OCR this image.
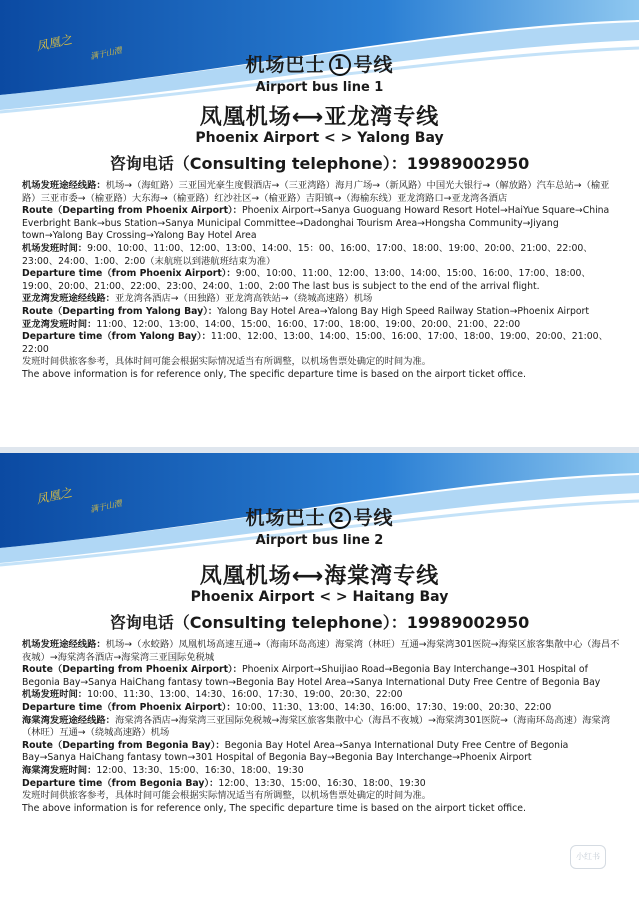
凤凰之 满于山澧
机场巴士 1 号线
Airport bus line 1
凤凰机场⟷亚龙湾专线
Phoenix Airport < > Yalong Bay
咨询电话（Consulting telephone）：19989002950

机场发班途经线路：机场→（海虹路）三亚国光豪生度假酒店→（三亚湾路）海月广场→（新风路）中国光大银行→（解放路）汽车总站→（榆亚路）三亚市委→（榆亚路）大东海→（榆亚路）红沙社区→（榆亚路）吉阳镇→（海榆东线）亚龙湾路口→亚龙湾各酒店

Route（Departing from Phoenix Airport）：Phoenix Airport→Sanya Guoguang Howard Resort Hotel→HaiYue Square→China Everbright Bank→bus Station→Sanya Municipal Committee→Dadonghai Tourism Area→Hongsha Community→Jiyang town→Yalong Bay Crossing→Yalong Bay Hotel Area

机场发班时间：9:00、10:00、11:00、12:00、13:00、14:00、15：00、16:00、17:00、18:00、19:00、20:00、21:00、22:00、23:00、24:00、1:00、2:00（末航班以到港航班结束为准）

Departure time（from Phoenix Airport）：9:00、10:00、11:00、12:00、13:00、14:00、15:00、16:00、17:00、18:00、19:00、20:00、21:00、22:00、23:00、24:00、1:00、2:00 The last bus is subject to the end of the arrival flight.

亚龙湾发班途经线路：亚龙湾各酒店→（田独路）亚龙湾高铁站→（绕城高速路）机场

Route（Departing from Yalong Bay）：Yalong Bay Hotel Area→Yalong Bay High Speed Railway Station→Phoenix Airport

亚龙湾发班时间：11:00、12:00、13:00、14:00、15:00、16:00、17:00、18:00、19:00、20:00、21:00、22:00

Departure time（from Yalong Bay）：11:00、12:00、13:00、14:00、15:00、16:00、17:00、18:00、19:00、20:00、21:00、22:00

发班时间供旅客参考，具体时间可能会根据实际情况适当有所调整，以机场售票处确定的时间为准。

The above information is for reference only, The specific departure time is based on the airport ticket office.

凤凰之 满于山澧
机场巴士 2 号线
Airport bus line 2
凤凰机场⟷海棠湾专线
Phoenix Airport < > Haitang Bay
咨询电话（Consulting telephone）：19989002950

机场发班途经线路：机场→（水蛟路）凤凰机场高速互通→（海南环岛高速）海棠湾（林旺）互通→海棠湾301医院→海棠区旅客集散中心（海昌不夜城）→海棠湾各酒店→海棠湾三亚国际免税城

Route（Departing from Phoenix Airport）：Phoenix Airport→Shuijiao Road→Begonia Bay Interchange→301 Hospital of Begonia Bay→Sanya HaiChang fantasy town→Begonia Bay Hotel Area→Sanya International Duty Free Centre of Begonia Bay

机场发班时间：10:00、11:30、13:00、14:30、16:00、17:30、19:00、20:30、22:00

Departure time（from Phoenix Airport）：10:00、11:30、13:00、14:30、16:00、17:30、19:00、20:30、22:00

海棠湾发班途经线路：海棠湾各酒店→海棠湾三亚国际免税城→海棠区旅客集散中心（海昌不夜城）→海棠湾301医院→（海南环岛高速）海棠湾（林旺）互通→（绕城高速路）机场

Route（Departing from Begonia Bay）：Begonia Bay Hotel Area→Sanya International Duty Free Centre of Begonia Bay→Sanya HaiChang fantasy town→301 Hospital of Begonia Bay→Begonia Bay Interchange→Phoenix Airport

海棠湾发班时间：12:00、13:30、15:00、16:30、18:00、19:30

Departure time（from Begonia Bay）：12:00、13:30、15:00、16:30、18:00、19:30

发班时间供旅客参考，具体时间可能会根据实际情况适当有所调整，以机场售票处确定的时间为准。

The above information is for reference only, The specific departure time is based on the airport ticket office.

小红书
